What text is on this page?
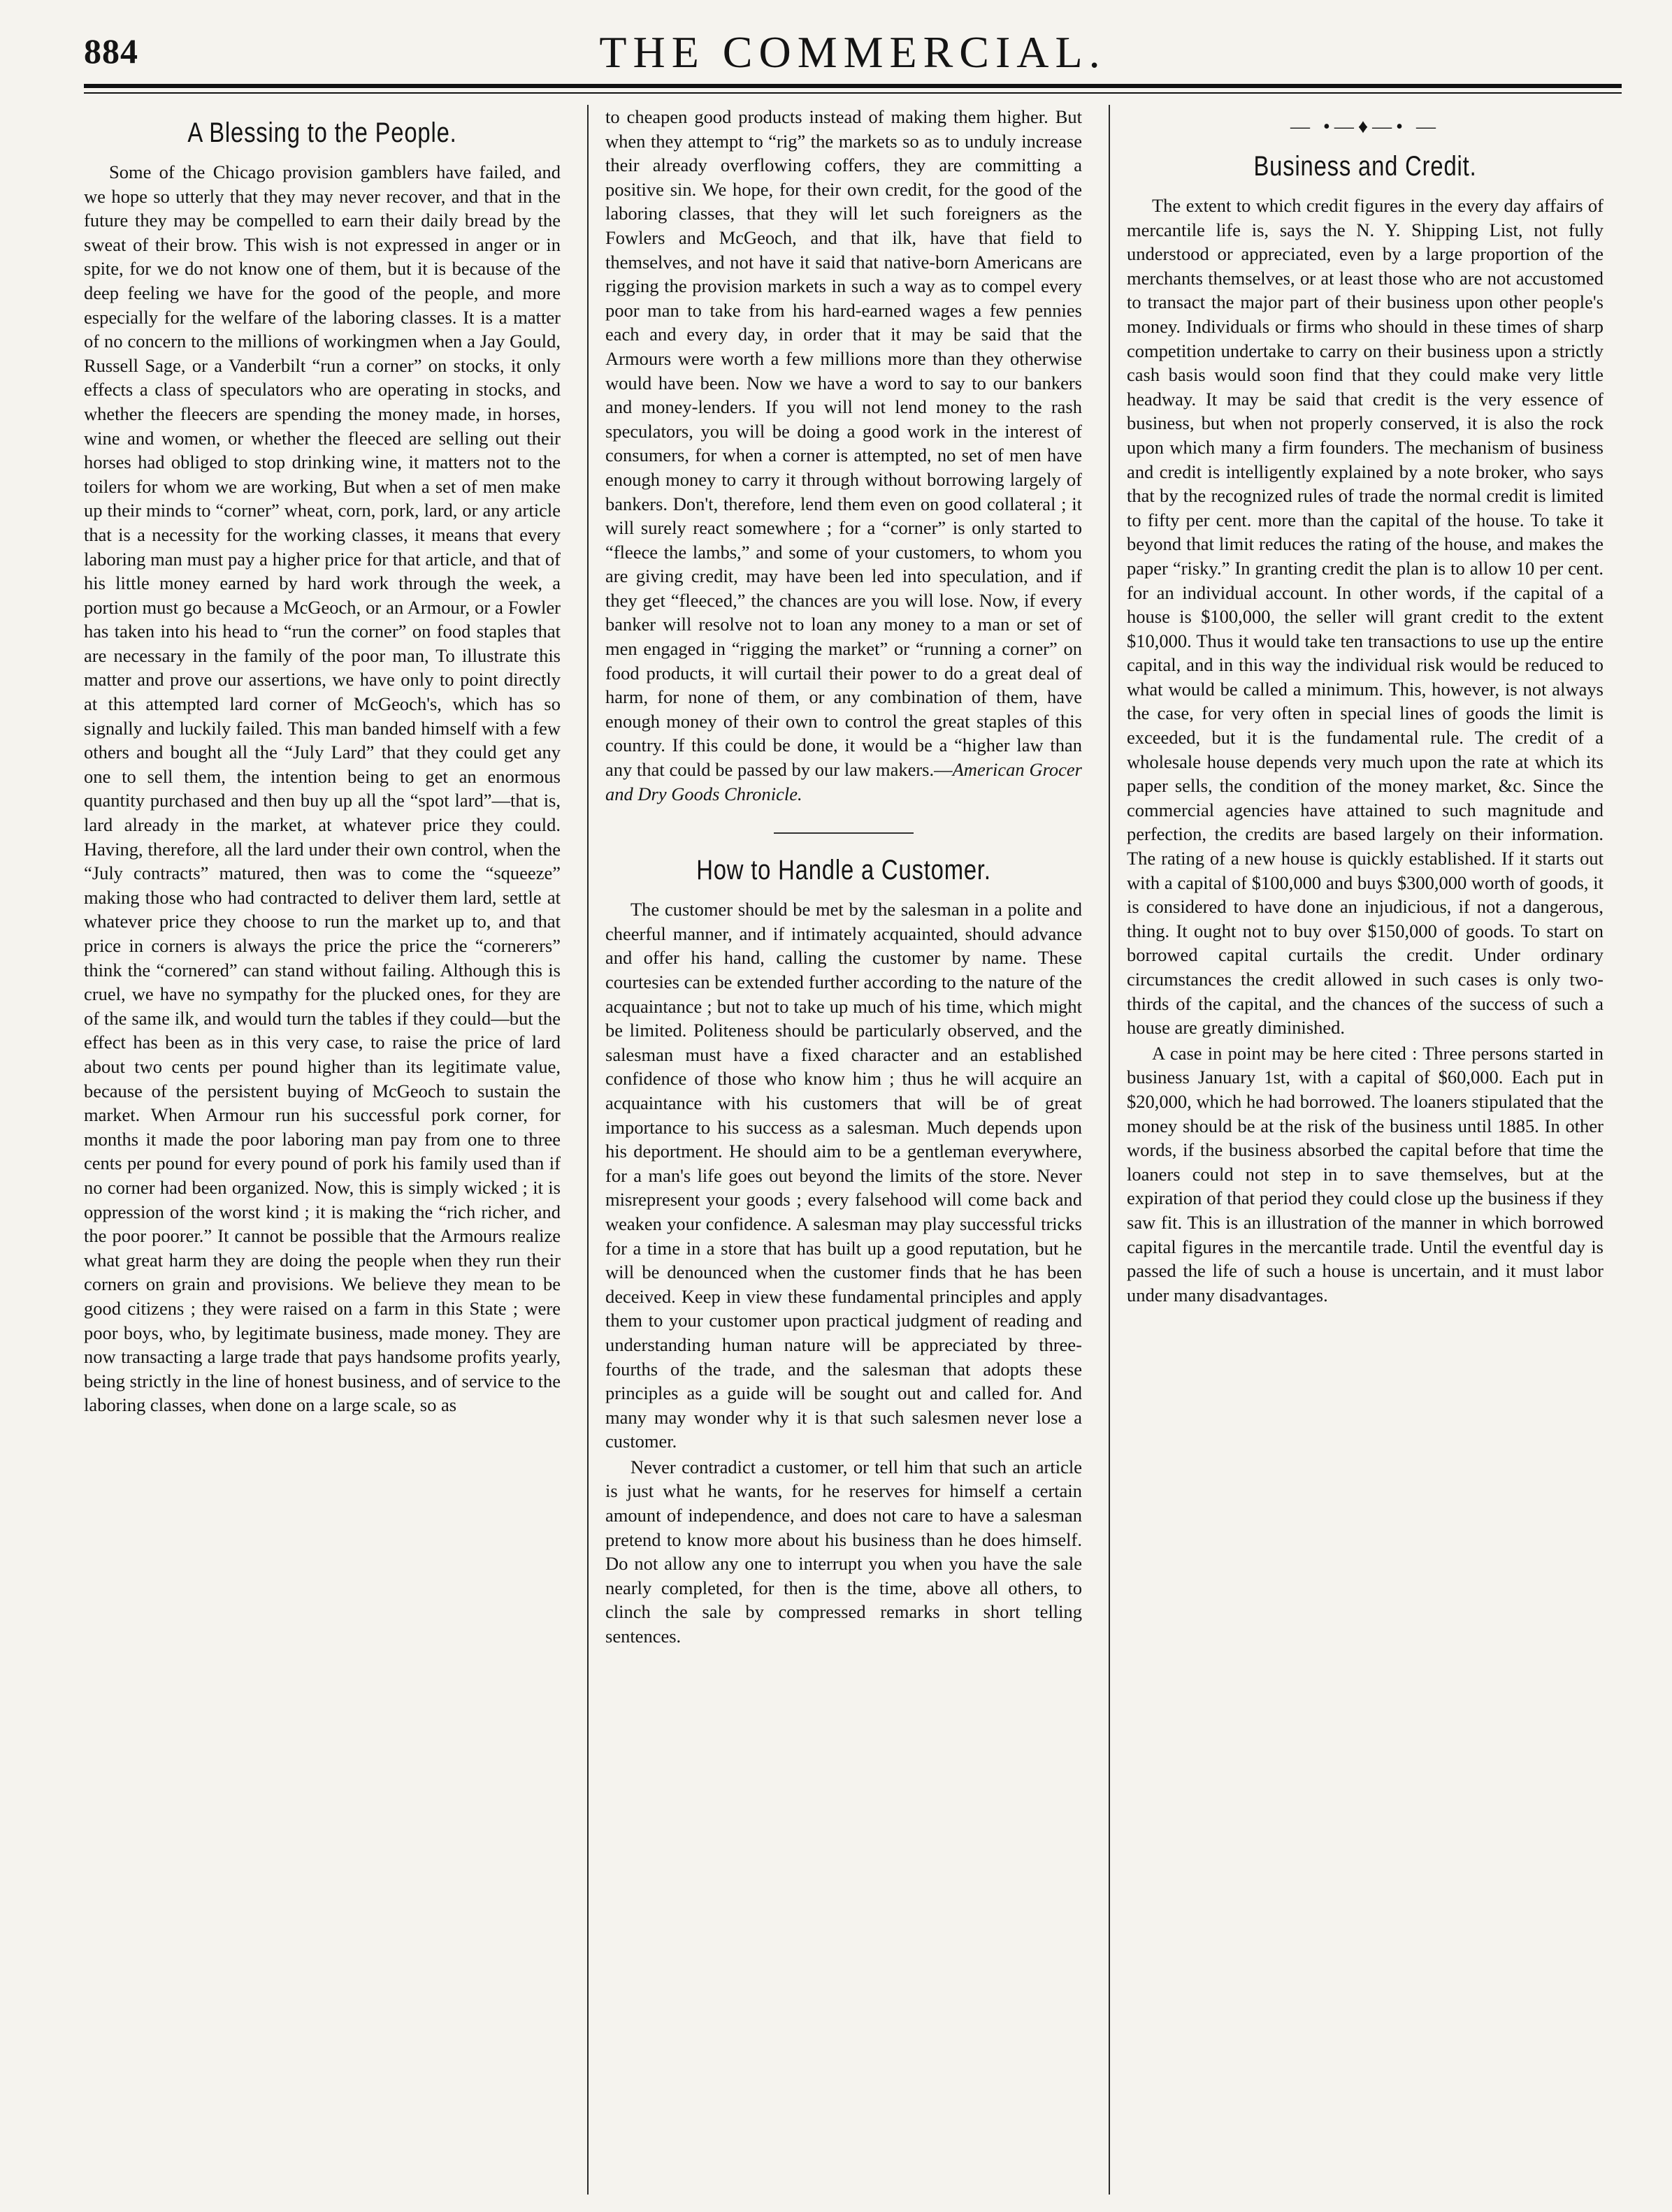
884	THE COMMERCIAL.
A Blessing to the People.

Some of the Chicago provision gamblers have failed, and we hope so utterly that they may never recover, and that in the future they may be compelled to earn their daily bread by the sweat of their brow. This wish is not expressed in anger or in spite, for we do not know one of them, but it is because of the deep feeling we have for the good of the people, and more especially for the welfare of the laboring classes. It is a matter of no concern to the millions of workingmen when a Jay Gould, Russell Sage, or a Vanderbilt “run a corner” on stocks, it only effects a class of speculators who are operating in stocks, and whether the fleecers are spending the money made, in horses, wine and women, or whether the fleeced are selling out their horses had obliged to stop drinking wine, it matters not to the toilers for whom we are working, But when a set of men make up their minds to “corner” wheat, corn, pork, lard, or any article that is a necessity for the working classes, it means that every laboring man must pay a higher price for that article, and that of his little money earned by hard work through the week, a portion must go because a McGeoch, or an Armour, or a Fowler has taken into his head to “run the corner” on food staples that are necessary in the family of the poor man, To illustrate this matter and prove our assertions, we have only to point directly at this attempted lard corner of McGeoch's, which has so signally and luckily failed. This man banded himself with a few others and bought all the “July Lard” that they could get any one to sell them, the intention being to get an enormous quantity purchased and then buy up all the “spot lard”—that is, lard already in the market, at whatever price they could. Having, therefore, all the lard under their own control, when the “July contracts” matured, then was to come the “squeeze” making those who had contracted to deliver them lard, settle at whatever price they choose to run the market up to, and that price in corners is always the price the price the “cornerers” think the “cornered” can stand without failing. Although this is cruel, we have no sympathy for the plucked ones, for they are of the same ilk, and would turn the tables if they could—but the effect has been as in this very case, to raise the price of lard about two cents per pound higher than its legitimate value, because of the persistent buying of McGeoch to sustain the market. When Armour run his successful pork corner, for months it made the poor laboring man pay from one to three cents per pound for every pound of pork his family used than if no corner had been organized. Now, this is simply wicked ; it is oppression of the worst kind ; it is making the “rich richer, and the poor poorer.” It cannot be possible that the Armours realize what great harm they are doing the people when they run their corners on grain and provisions. We believe they mean to be good citizens ; they were raised on a farm in this State ; were poor boys, who, by legitimate business, made money. They are now transacting a large trade that pays handsome profits yearly, being strictly in the line of honest business, and of service to the laboring classes, when done on a large scale, so as

to cheapen good products instead of making them higher. But when they attempt to “rig” the markets so as to unduly increase their already overflowing coffers, they are committing a positive sin. We hope, for their own credit, for the good of the laboring classes, that they will let such foreigners as the Fowlers and McGeoch, and that ilk, have that field to themselves, and not have it said that native-born Americans are rigging the provision markets in such a way as to compel every poor man to take from his hard-earned wages a few pennies each and every day, in order that it may be said that the Armours were worth a few millions more than they otherwise would have been. Now we have a word to say to our bankers and money-lenders. If you will not lend money to the rash speculators, you will be doing a good work in the interest of consumers, for when a corner is attempted, no set of men have enough money to carry it through without borrowing largely of bankers. Don't, therefore, lend them even on good collateral ; it will surely react somewhere ; for a “corner” is only started to “fleece the lambs,” and some of your customers, to whom you are giving credit, may have been led into speculation, and if they get “fleeced,” the chances are you will lose. Now, if every banker will resolve not to loan any money to a man or set of men engaged in “rigging the market” or “running a corner” on food products, it will curtail their power to do a great deal of harm, for none of them, or any combination of them, have enough money of their own to control the great staples of this country. If this could be done, it would be a “higher law than any that could be passed by our law makers.—American Grocer and Dry Goods Chronicle.

How to Handle a Customer.

The customer should be met by the salesman in a polite and cheerful manner, and if intimately acquainted, should advance and offer his hand, calling the customer by name. These courtesies can be extended further according to the nature of the acquaintance ; but not to take up much of his time, which might be limited. Politeness should be particularly observed, and the salesman must have a fixed character and an established confidence of those who know him ; thus he will acquire an acquaintance with his customers that will be of great importance to his success as a salesman. Much depends upon his deportment. He should aim to be a gentleman everywhere, for a man's life goes out beyond the limits of the store. Never misrepresent your goods ; every falsehood will come back and weaken your confidence. A salesman may play successful tricks for a time in a store that has built up a good reputation, but he will be denounced when the customer finds that he has been deceived. Keep in view these fundamental principles and apply them to your customer upon practical judgment of reading and understanding human nature will be appreciated by three-fourths of the trade, and the salesman that adopts these principles as a guide will be sought out and called for. And many may wonder why it is that such salesmen never lose a customer.

Never contradict a customer, or tell him that such an article is just what he wants, for he reserves for himself a certain amount of independence, and does not care to have a salesman pretend to know more about his business than he does himself. Do not allow any one to interrupt you when you have the sale nearly completed, for then is the time, above all others, to clinch the sale by compressed remarks in short telling sentences.

— •—♦—• —
Business and Credit.

The extent to which credit figures in the every day affairs of mercantile life is, says the N. Y. Shipping List, not fully understood or appreciated, even by a large proportion of the merchants themselves, or at least those who are not accustomed to transact the major part of their business upon other people's money. Individuals or firms who should in these times of sharp competition undertake to carry on their business upon a strictly cash basis would soon find that they could make very little headway. It may be said that credit is the very essence of business, but when not properly conserved, it is also the rock upon which many a firm founders. The mechanism of business and credit is intelligently explained by a note broker, who says that by the recognized rules of trade the normal credit is limited to fifty per cent. more than the capital of the house. To take it beyond that limit reduces the rating of the house, and makes the paper “risky.” In granting credit the plan is to allow 10 per cent. for an individual account. In other words, if the capital of a house is $100,000, the seller will grant credit to the extent $10,000. Thus it would take ten transactions to use up the entire capital, and in this way the individual risk would be reduced to what would be called a minimum. This, however, is not always the case, for very often in special lines of goods the limit is exceeded, but it is the fundamental rule. The credit of a wholesale house depends very much upon the rate at which its paper sells, the condition of the money market, &c. Since the commercial agencies have attained to such magnitude and perfection, the credits are based largely on their information. The rating of a new house is quickly established. If it starts out with a capital of $100,000 and buys $300,000 worth of goods, it is considered to have done an injudicious, if not a dangerous, thing. It ought not to buy over $150,000 of goods. To start on borrowed capital curtails the credit. Under ordinary circumstances the credit allowed in such cases is only two-thirds of the capital, and the chances of the success of such a house are greatly diminished.

A case in point may be here cited : Three persons started in business January 1st, with a capital of $60,000. Each put in $20,000, which he had borrowed. The loaners stipulated that the money should be at the risk of the business until 1885. In other words, if the business absorbed the capital before that time the loaners could not step in to save themselves, but at the expiration of that period they could close up the business if they saw fit. This is an illustration of the manner in which borrowed capital figures in the mercantile trade. Until the eventful day is passed the life of such a house is uncertain, and it must labor under many disadvantages.
